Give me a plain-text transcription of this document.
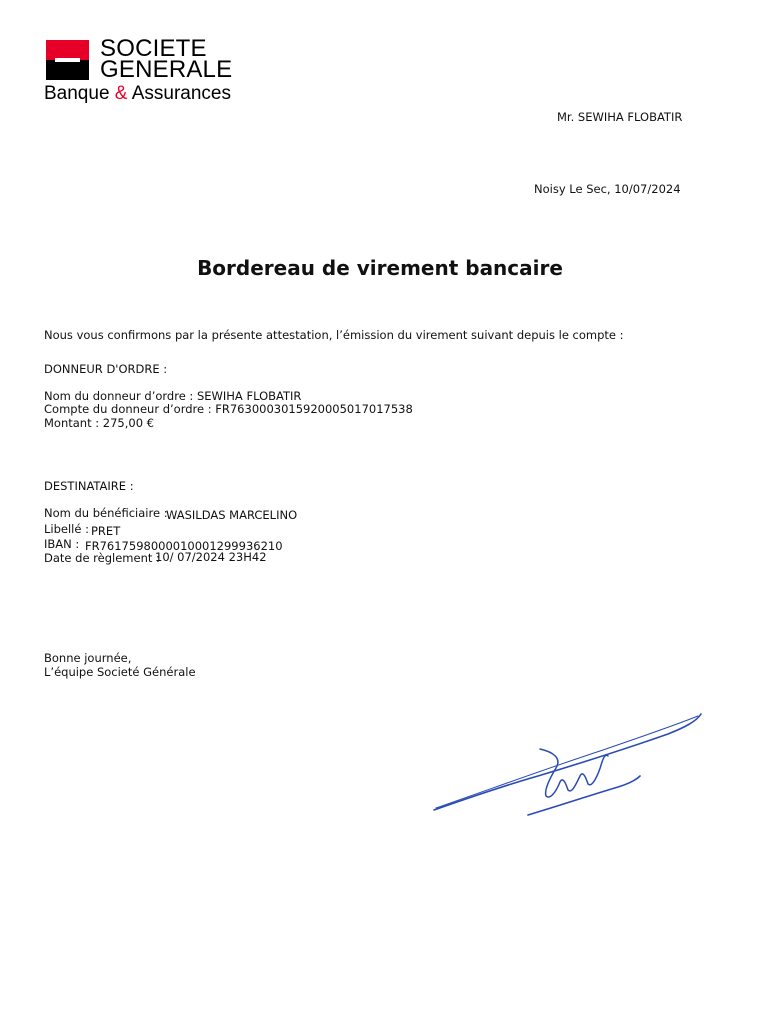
SOCIETE
GENERALE
Banque & Assurances
Mr. SEWIHA FLOBATIR
Noisy Le Sec, 10/07/2024
Bordereau de virement bancaire
Nous vous confirmons par la présente attestation, l’émission du virement suivant depuis le compte :
DONNEUR D'ORDRE :
Nom du donneur d’ordre : SEWIHA FLOBATIR
Compte du donneur d’ordre : FR7630003015920005017017538
Montant : 275,00 €
DESTINATAIRE :
Nom du bénéficiaire :
WASILDAS MARCELINO
Libellé : PRET
IBAN : FR7617598000010001299936210
Date de règlement :
10/ 07/2024 23H42
Bonne journée,
L’équipe Societé Générale
